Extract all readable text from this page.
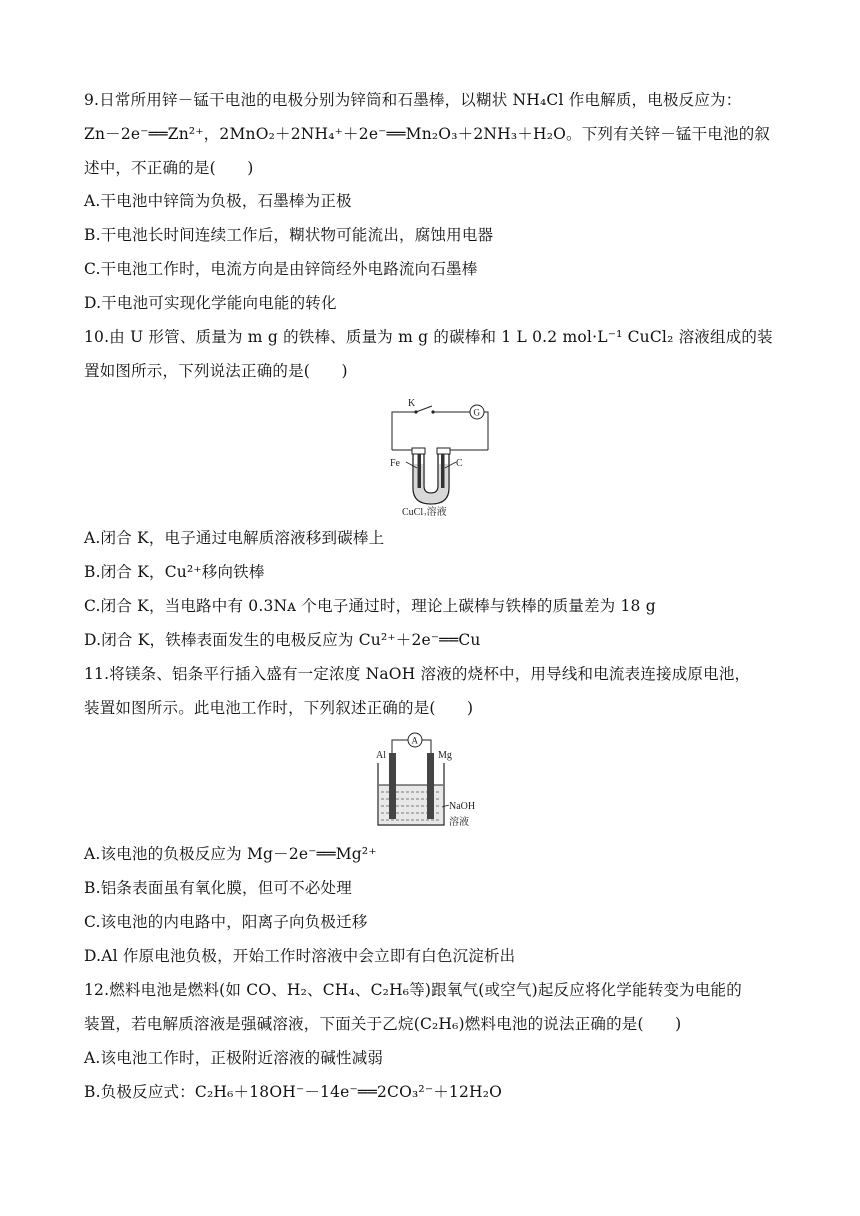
9.日常所用锌－锰干电池的电极分别为锌筒和石墨棒，以糊状 NH₄Cl 作电解质，电极反应为：
Zn－2e⁻══Zn²⁺，2MnO₂＋2NH₄⁺＋2e⁻══Mn₂O₃＋2NH₃＋H₂O。下列有关锌－锰干电池的叙
述中，不正确的是(　　)
A.干电池中锌筒为负极，石墨棒为正极
B.干电池长时间连续工作后，糊状物可能流出，腐蚀用电器
C.干电池工作时，电流方向是由锌筒经外电路流向石墨棒
D.干电池可实现化学能向电能的转化
10.由 U 形管、质量为 m g 的铁棒、质量为 m g 的碳棒和 1 L 0.2 mol·L⁻¹ CuCl₂ 溶液组成的装
置如图所示，下列说法正确的是(　　)
K
G
Fe	C
CuCl₂溶液
A.闭合 K，电子通过电解质溶液移到碳棒上
B.闭合 K，Cu²⁺移向铁棒
C.闭合 K，当电路中有 0.3Nᴀ 个电子通过时，理论上碳棒与铁棒的质量差为 18 g
D.闭合 K，铁棒表面发生的电极反应为 Cu²⁺＋2e⁻══Cu
11.将镁条、铝条平行插入盛有一定浓度 NaOH 溶液的烧杯中，用导线和电流表连接成原电池，
装置如图所示。此电池工作时，下列叙述正确的是(　　)
A
Al	Mg
NaOH
溶液
A.该电池的负极反应为 Mg－2e⁻══Mg²⁺
B.铝条表面虽有氧化膜，但可不必处理
C.该电池的内电路中，阳离子向负极迁移
D.Al 作原电池负极，开始工作时溶液中会立即有白色沉淀析出
12.燃料电池是燃料(如 CO、H₂、CH₄、C₂H₆等)跟氧气(或空气)起反应将化学能转变为电能的
装置，若电解质溶液是强碱溶液，下面关于乙烷(C₂H₆)燃料电池的说法正确的是(　　)
A.该电池工作时，正极附近溶液的碱性减弱
B.负极反应式：C₂H₆＋18OH⁻－14e⁻══2CO₃²⁻＋12H₂O
